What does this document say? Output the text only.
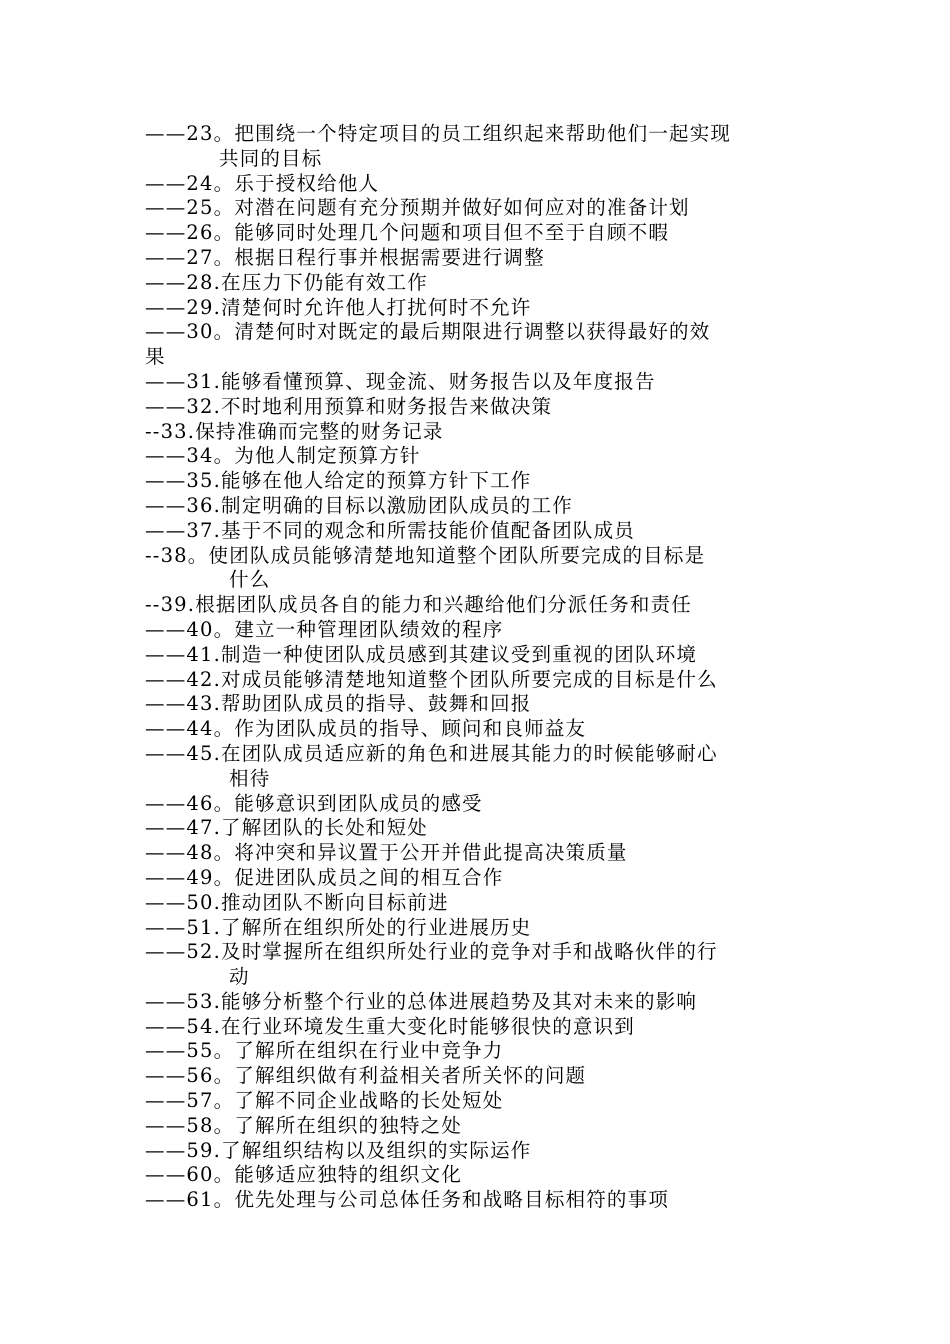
——23。把围绕一个特定项目的员工组织起来帮助他们一起实现
共同的目标
——24。乐于授权给他人
——25。对潜在问题有充分预期并做好如何应对的准备计划
——26。能够同时处理几个问题和项目但不至于自顾不暇
——27。根据日程行事并根据需要进行调整
——28.在压力下仍能有效工作
——29.清楚何时允许他人打扰何时不允许
——30。清楚何时对既定的最后期限进行调整以获得最好的效
果
——31.能够看懂预算、现金流、财务报告以及年度报告
——32.不时地利用预算和财务报告来做决策
--33.保持准确而完整的财务记录
——34。为他人制定预算方针
——35.能够在他人给定的预算方针下工作
——36.制定明确的目标以激励团队成员的工作
——37.基于不同的观念和所需技能价值配备团队成员
--38。使团队成员能够清楚地知道整个团队所要完成的目标是
什么
--39.根据团队成员各自的能力和兴趣给他们分派任务和责任
——40。建立一种管理团队绩效的程序
——41.制造一种使团队成员感到其建议受到重视的团队环境
——42.对成员能够清楚地知道整个团队所要完成的目标是什么
——43.帮助团队成员的指导、鼓舞和回报
——44。作为团队成员的指导、顾问和良师益友
——45.在团队成员适应新的角色和进展其能力的时候能够耐心
相待
——46。能够意识到团队成员的感受
——47.了解团队的长处和短处
——48。将冲突和异议置于公开并借此提高决策质量
——49。促进团队成员之间的相互合作
——50.推动团队不断向目标前进
——51.了解所在组织所处的行业进展历史
——52.及时掌握所在组织所处行业的竞争对手和战略伙伴的行
动
——53.能够分析整个行业的总体进展趋势及其对未来的影响
——54.在行业环境发生重大变化时能够很快的意识到
——55。了解所在组织在行业中竞争力
——56。了解组织做有利益相关者所关怀的问题
——57。了解不同企业战略的长处短处
——58。了解所在组织的独特之处
——59.了解组织结构以及组织的实际运作
——60。能够适应独特的组织文化
——61。优先处理与公司总体任务和战略目标相符的事项
